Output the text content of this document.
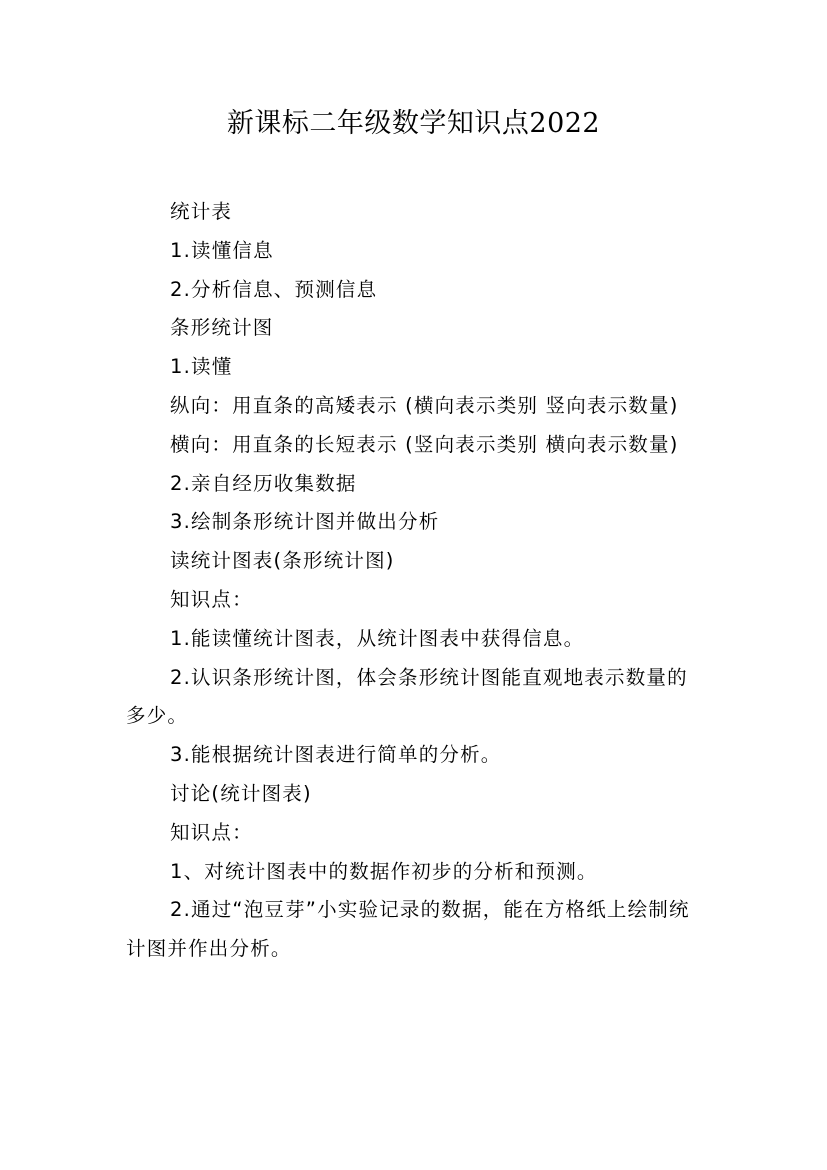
新课标二年级数学知识点2022

统计表

1.读懂信息

2.分析信息、预测信息

条形统计图

1.读懂

纵向：用直条的高矮表示 (横向表示类别 竖向表示数量)

横向：用直条的长短表示 (竖向表示类别 横向表示数量)

2.亲自经历收集数据

3.绘制条形统计图并做出分析

读统计图表(条形统计图)

知识点：

1.能读懂统计图表，从统计图表中获得信息。

2.认识条形统计图，体会条形统计图能直观地表示数量的多少。

3.能根据统计图表进行简单的分析。

讨论(统计图表)

知识点：

1、对统计图表中的数据作初步的分析和预测。

2.通过“泡豆芽”小实验记录的数据，能在方格纸上绘制统计图并作出分析。
